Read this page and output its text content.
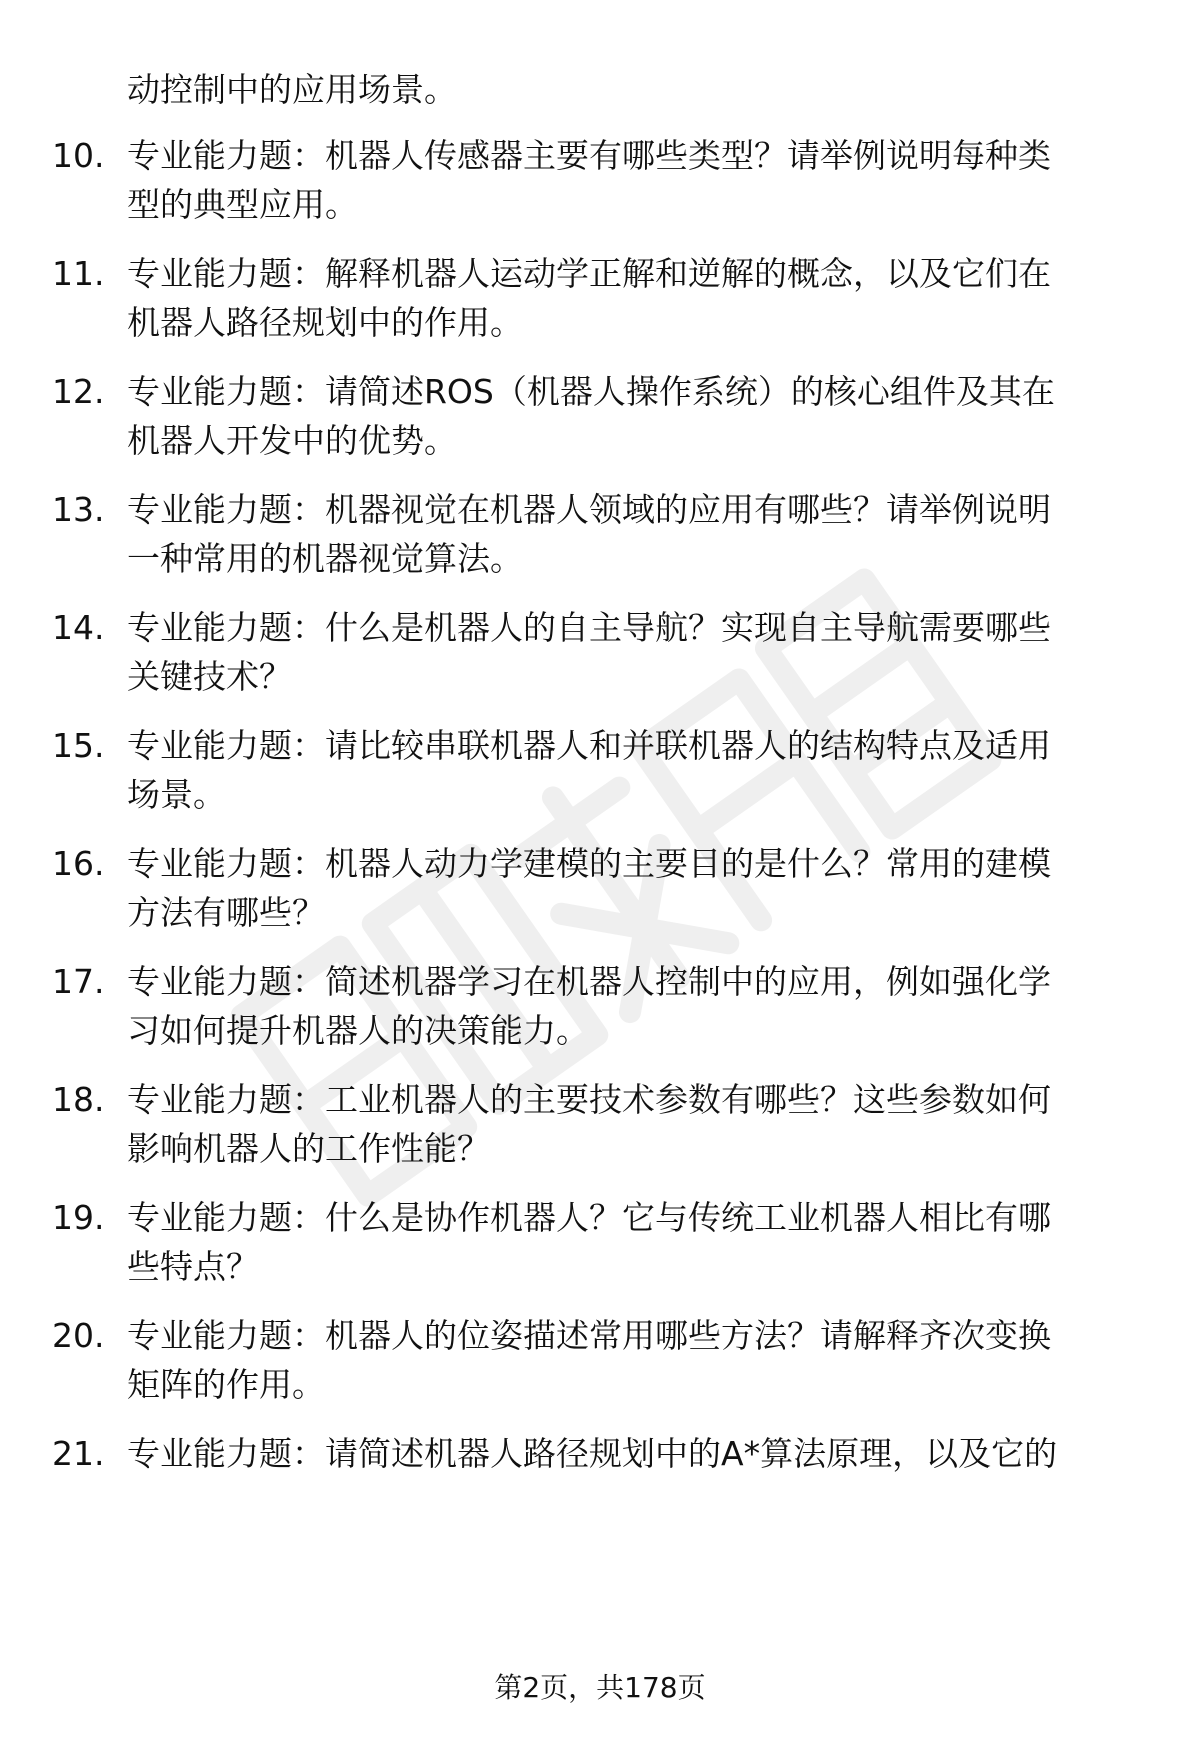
动控制中的应用场景。
10. 专业能力题：机器人传感器主要有哪些类型？请举例说明每种类
型的典型应用。
11. 专业能力题：解释机器人运动学正解和逆解的概念，以及它们在
机器人路径规划中的作用。
12. 专业能力题：请简述ROS（机器人操作系统）的核心组件及其在
机器人开发中的优势。
13. 专业能力题：机器视觉在机器人领域的应用有哪些？请举例说明
一种常用的机器视觉算法。
14. 专业能力题：什么是机器人的自主导航？实现自主导航需要哪些
关键技术？
15. 专业能力题：请比较串联机器人和并联机器人的结构特点及适用
场景。
16. 专业能力题：机器人动力学建模的主要目的是什么？常用的建模
方法有哪些？
17. 专业能力题：简述机器学习在机器人控制中的应用，例如强化学
习如何提升机器人的决策能力。
18. 专业能力题：工业机器人的主要技术参数有哪些？这些参数如何
影响机器人的工作性能？
19. 专业能力题：什么是协作机器人？它与传统工业机器人相比有哪
些特点？
20. 专业能力题：机器人的位姿描述常用哪些方法？请解释齐次变换
矩阵的作用。
21. 专业能力题：请简述机器人路径规划中的A*算法原理，以及它的
第2页，共178页
